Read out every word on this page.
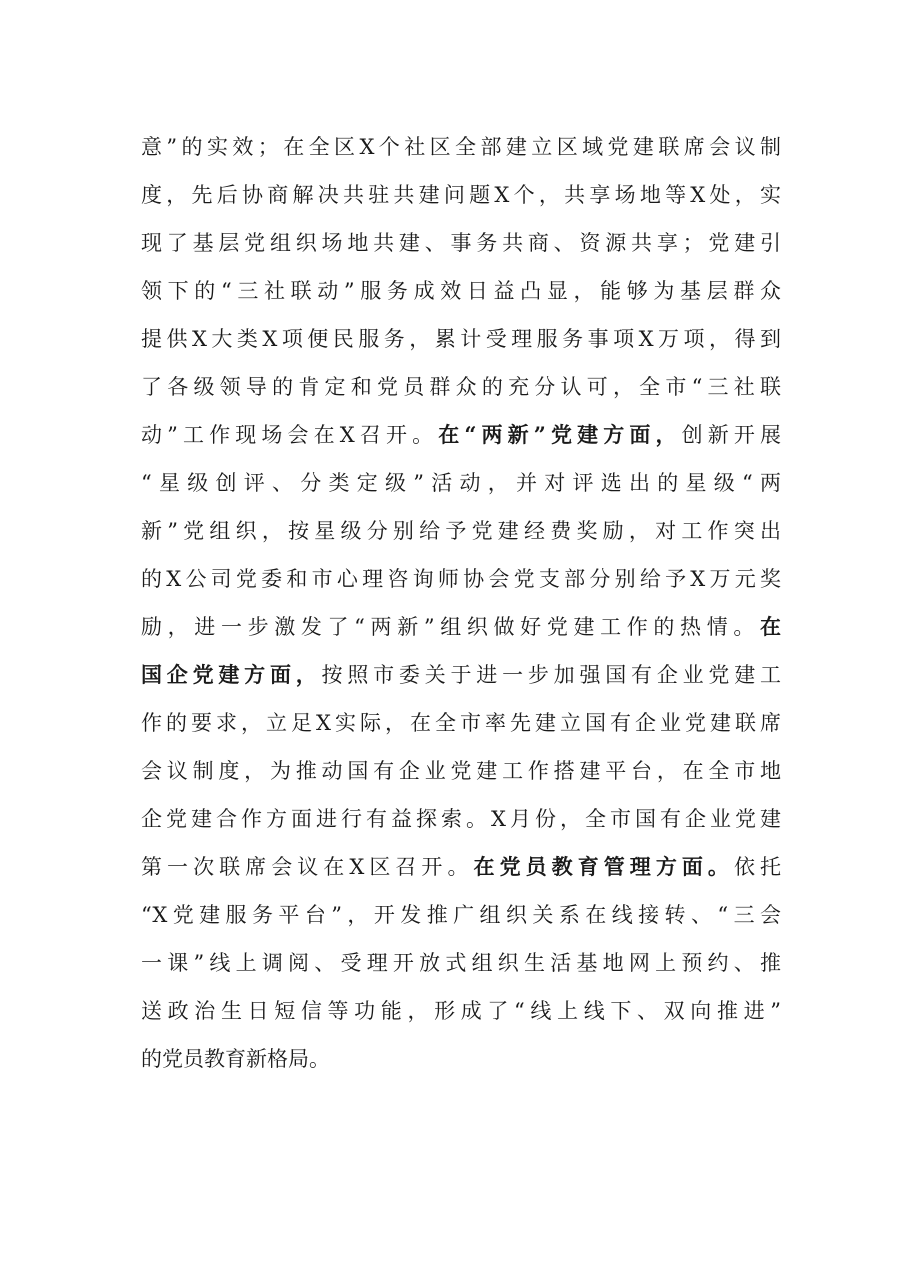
意”的实效；在全区X个社区全部建立区域党建联席会议制
度，先后协商解决共驻共建问题X个，共享场地等X处，实
现了基层党组织场地共建、事务共商、资源共享；党建引
领下的“三社联动”服务成效日益凸显，能够为基层群众
提供X大类X项便民服务，累计受理服务事项X万项，得到
了各级领导的肯定和党员群众的充分认可，全市“三社联
动”工作现场会在X召开。在“两新”党建方面，创新开展
“星级创评、分类定级”活动，并对评选出的星级“两
新”党组织，按星级分别给予党建经费奖励，对工作突出
的X公司党委和市心理咨询师协会党支部分别给予X万元奖
励，进一步激发了“两新”组织做好党建工作的热情。在
国企党建方面，按照市委关于进一步加强国有企业党建工
作的要求，立足X实际，在全市率先建立国有企业党建联席
会议制度，为推动国有企业党建工作搭建平台，在全市地
企党建合作方面进行有益探索。X月份，全市国有企业党建
第一次联席会议在X区召开。在党员教育管理方面。依托
“X党建服务平台”，开发推广组织关系在线接转、“三会
一课”线上调阅、受理开放式组织生活基地网上预约、推
送政治生日短信等功能，形成了“线上线下、双向推进”
的党员教育新格局。
